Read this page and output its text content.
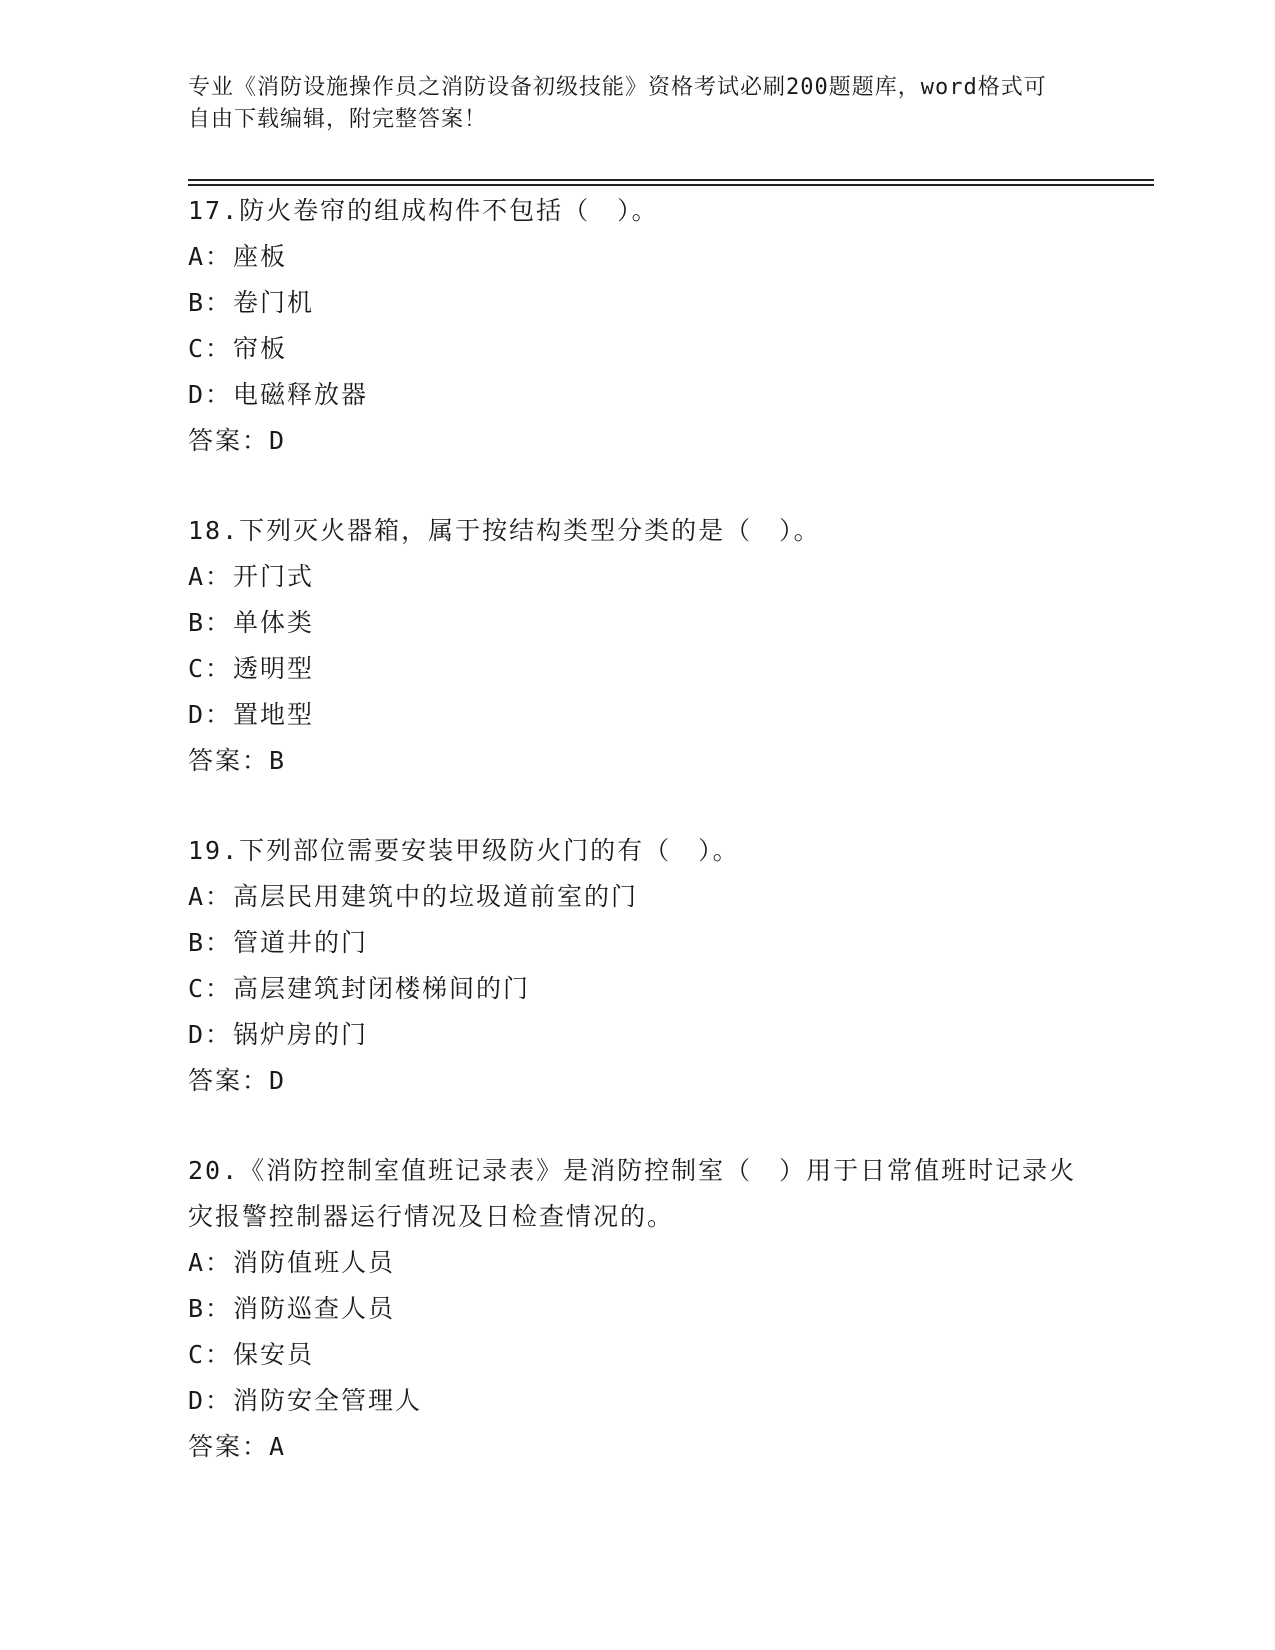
专业《消防设施操作员之消防设备初级技能》资格考试必刷200题题库，word格式可自由下载编辑，附完整答案！

17.防火卷帘的组成构件不包括（　）。

A： 座板

B： 卷门机

C： 帘板

D： 电磁释放器

答案：D

18.下列灭火器箱，属于按结构类型分类的是（　）。

A： 开门式

B： 单体类

C： 透明型

D： 置地型

答案：B

19.下列部位需要安装甲级防火门的有（　）。

A： 高层民用建筑中的垃圾道前室的门

B： 管道井的门

C： 高层建筑封闭楼梯间的门

D： 锅炉房的门

答案：D

20.《消防控制室值班记录表》是消防控制室（　）用于日常值班时记录火灾报警控制器运行情况及日检查情况的。

A： 消防值班人员

B： 消防巡查人员

C： 保安员

D： 消防安全管理人

答案：A
